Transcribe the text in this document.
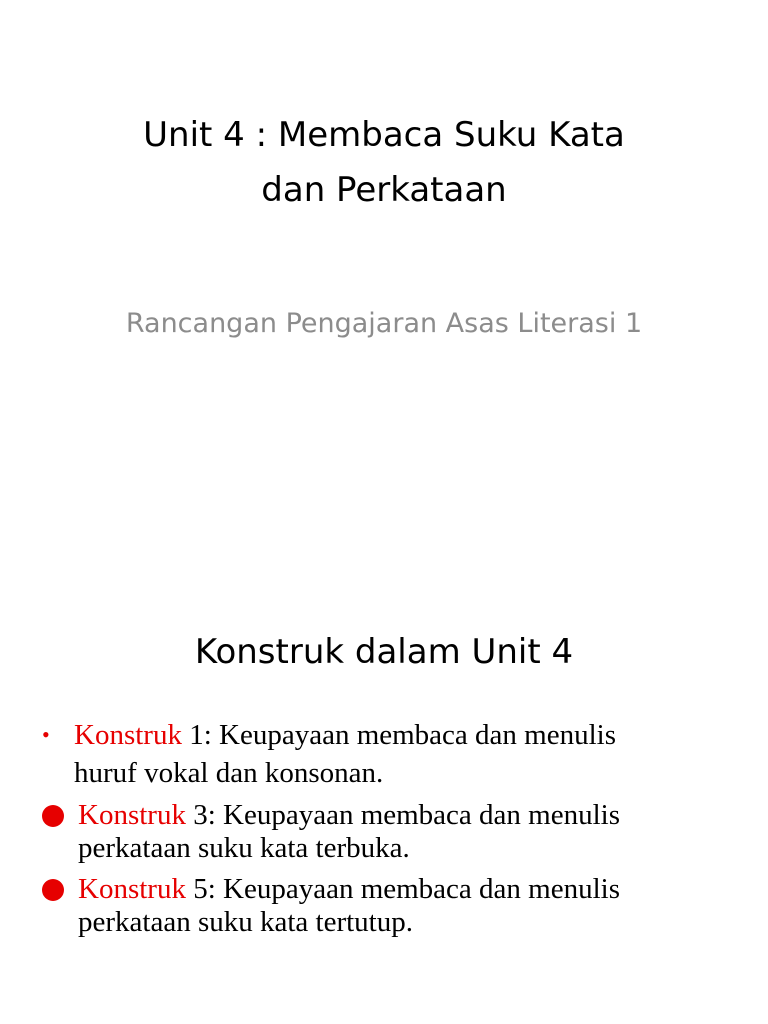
Unit 4 : Membaca Suku Kata
dan Perkataan
Rancangan Pengajaran Asas Literasi 1
Konstruk dalam Unit 4
• Konstruk 1: Keupayaan membaca dan menulis
huruf vokal dan konsonan.
Konstruk 3: Keupayaan membaca dan menulis
perkataan suku kata terbuka.
Konstruk 5: Keupayaan membaca dan menulis
perkataan suku kata tertutup.
